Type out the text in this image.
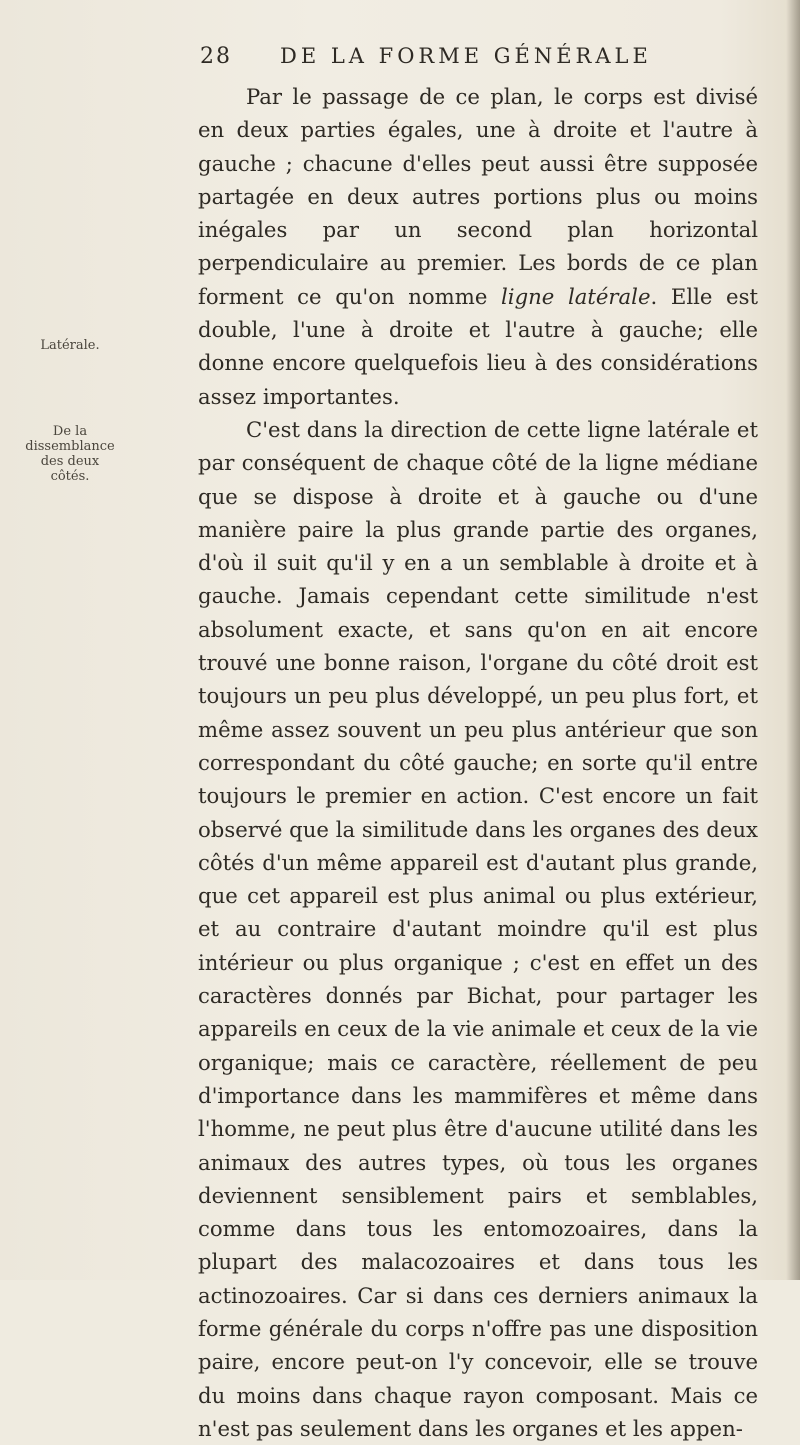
28 DE LA FORME GÉNÉRALE
Latérale.
De la dissemblance des deux côtés.

Par le passage de ce plan, le corps est divisé en deux parties égales, une à droite et l'autre à gauche ; chacune d'elles peut aussi être supposée partagée en deux autres portions plus ou moins inégales par un second plan horizontal perpendiculaire au premier. Les bords de ce plan forment ce qu'on nomme ligne latérale. Elle est double, l'une à droite et l'autre à gauche; elle donne encore quelquefois lieu à des considérations assez importantes.

C'est dans la direction de cette ligne latérale et par conséquent de chaque côté de la ligne médiane que se dispose à droite et à gauche ou d'une manière paire la plus grande partie des organes, d'où il suit qu'il y en a un semblable à droite et à gauche. Jamais cependant cette similitude n'est absolument exacte, et sans qu'on en ait encore trouvé une bonne raison, l'organe du côté droit est toujours un peu plus développé, un peu plus fort, et même assez souvent un peu plus antérieur que son correspondant du côté gauche; en sorte qu'il entre toujours le premier en action. C'est encore un fait observé que la similitude dans les organes des deux côtés d'un même appareil est d'autant plus grande, que cet appareil est plus animal ou plus extérieur, et au contraire d'autant moindre qu'il est plus intérieur ou plus organique ; c'est en effet un des caractères donnés par Bichat, pour partager les appareils en ceux de la vie animale et ceux de la vie organique; mais ce caractère, réellement de peu d'importance dans les mammifères et même dans l'homme, ne peut plus être d'aucune utilité dans les animaux des autres types, où tous les organes deviennent sensiblement pairs et semblables, comme dans tous les entomozoaires, dans la plupart des malacozoaires et dans tous les actinozoaires. Car si dans ces derniers animaux la forme générale du corps n'offre pas une disposition paire, encore peut-on l'y concevoir, elle se trouve du moins dans chaque rayon composant. Mais ce n'est pas seulement dans les organes et les appen-
